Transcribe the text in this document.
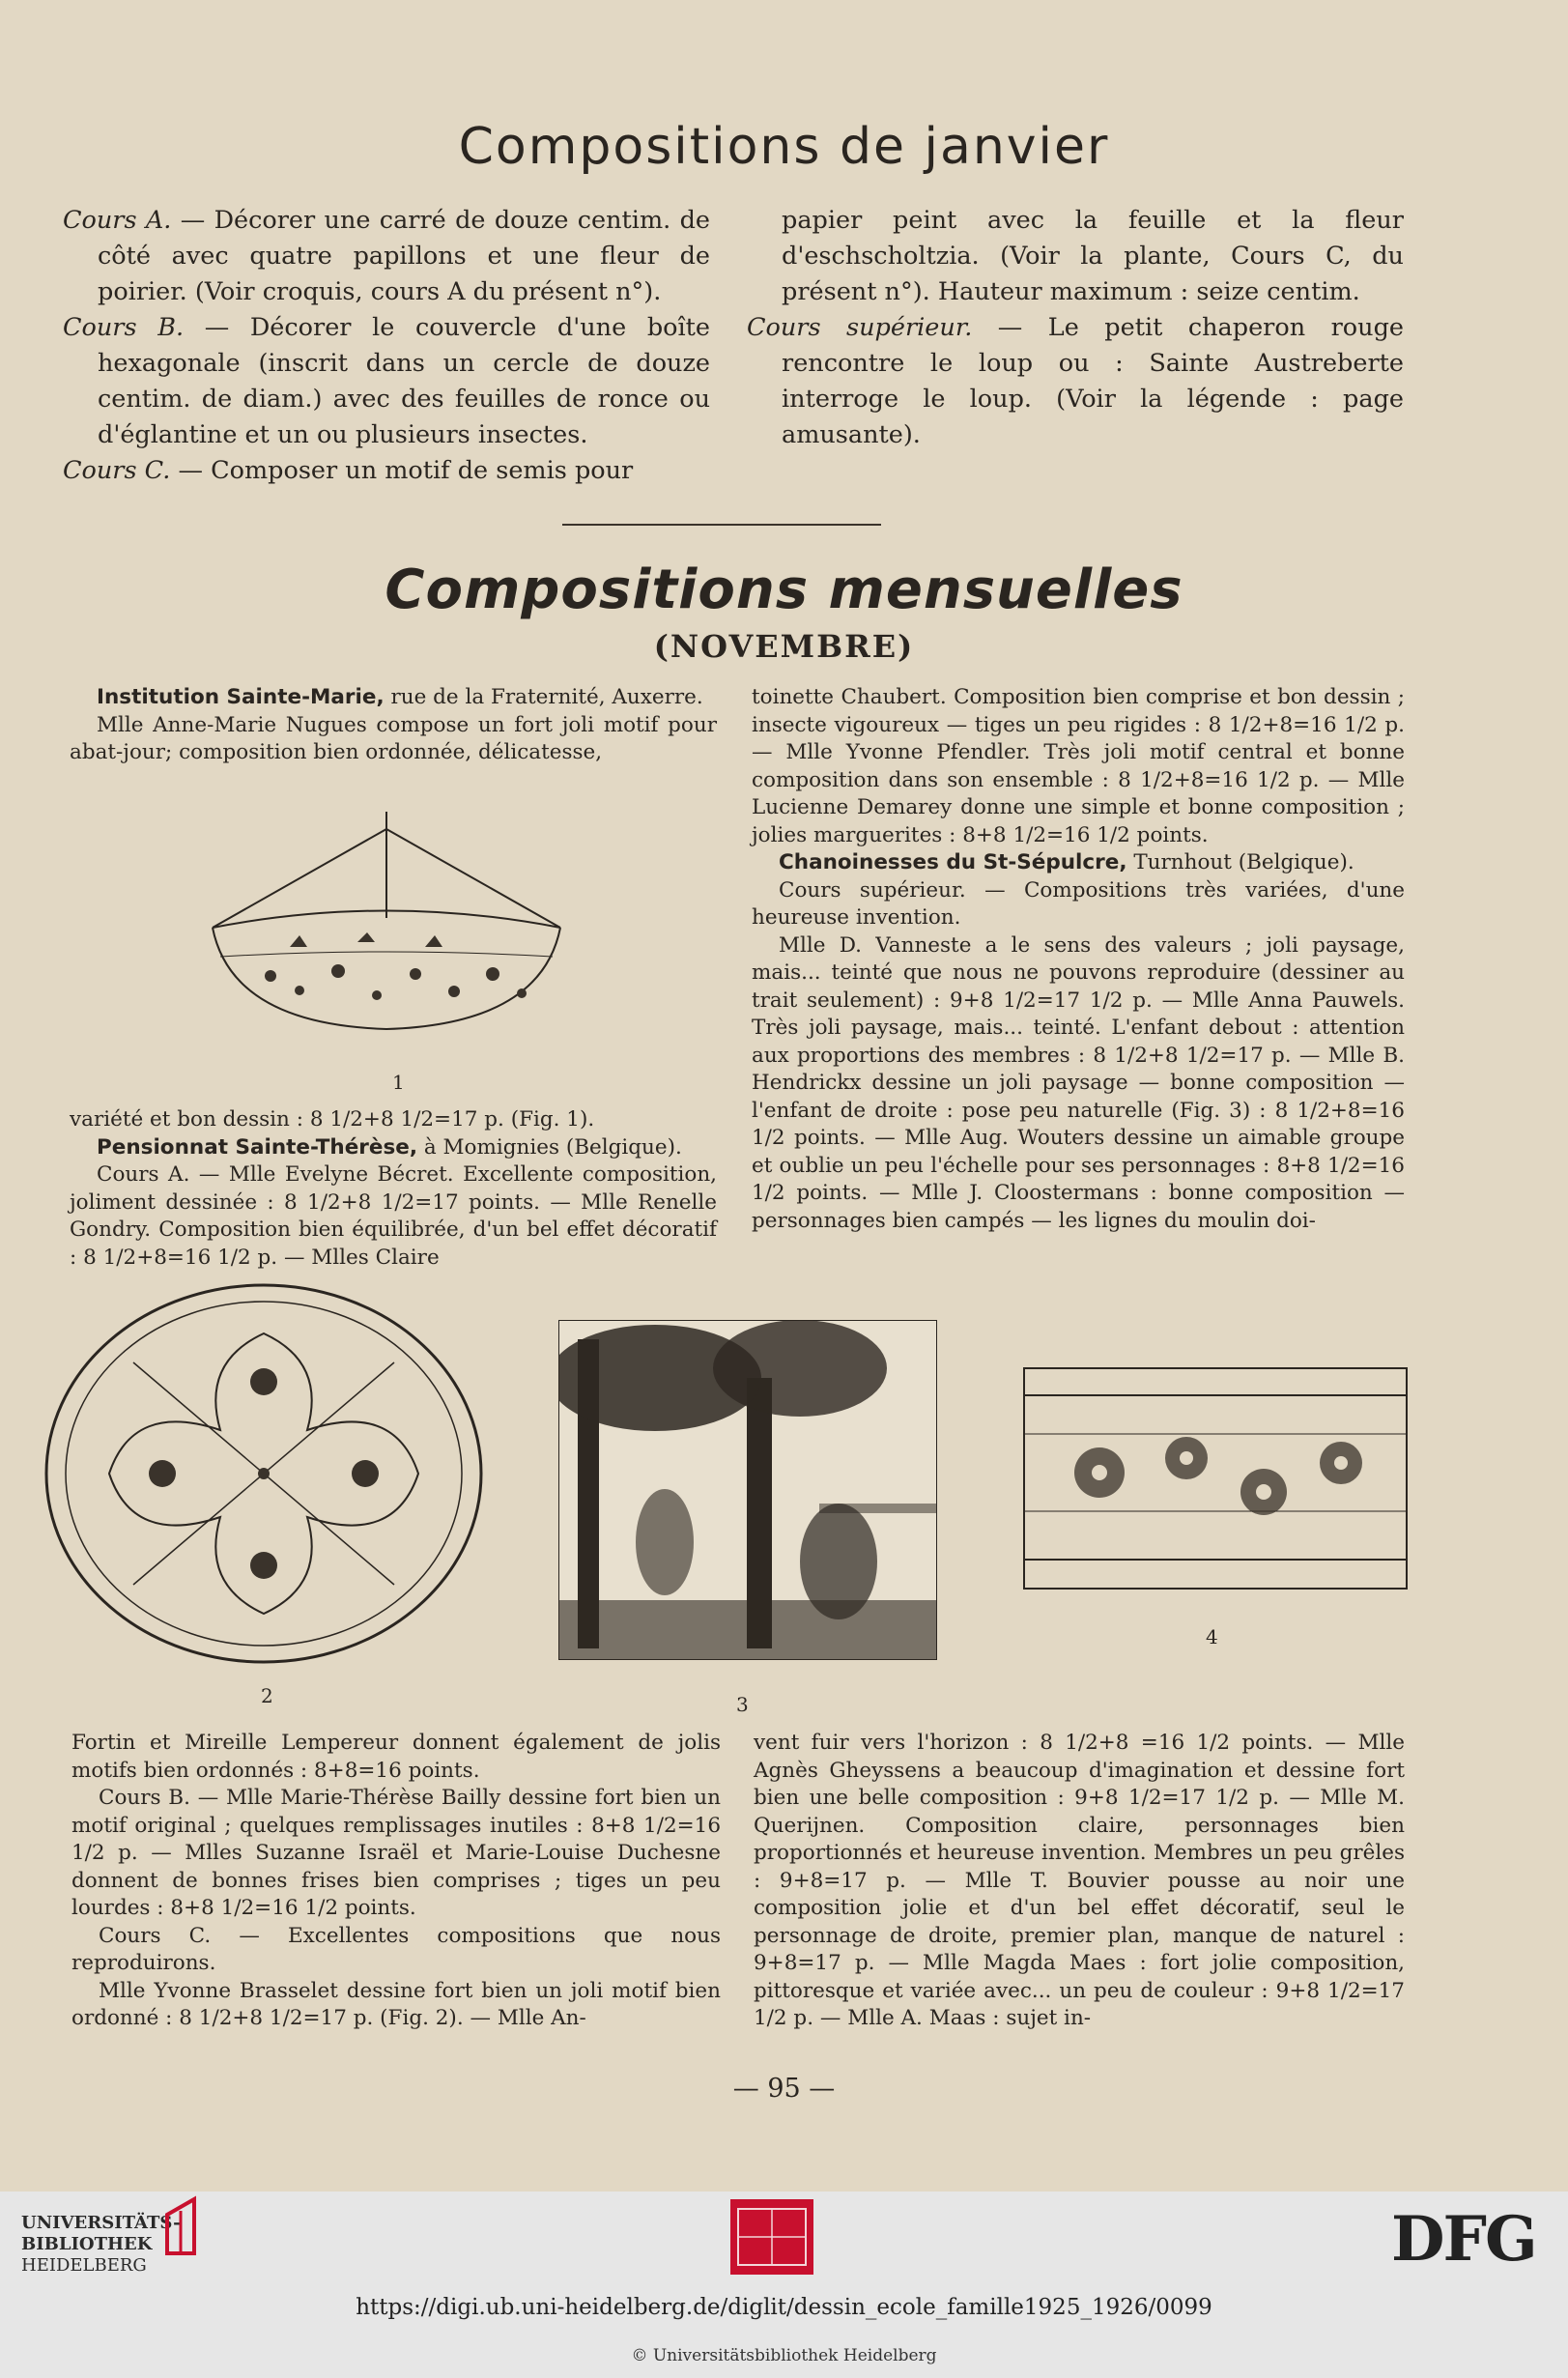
Compositions de janvier

Cours A. — Décorer une carré de douze centim. de côté avec quatre papillons et une fleur de poirier. (Voir croquis, cours A du présent n°).

Cours B. — Décorer le couvercle d'une boîte hexagonale (inscrit dans un cercle de douze centim. de diam.) avec des feuilles de ronce ou d'églantine et un ou plusieurs insectes.

Cours C. — Composer un motif de semis pour

papier peint avec la feuille et la fleur d'eschscholtzia. (Voir la plante, Cours C, du présent n°). Hauteur maximum : seize centim.

Cours supérieur. — Le petit chaperon rouge rencontre le loup ou : Sainte Austreberte interroge le loup. (Voir la légende : page amusante).

Compositions mensuelles
(NOVEMBRE)

Institution Sainte-Marie, rue de la Fraternité, Auxerre.

Mlle Anne-Marie Nugues compose un fort joli motif pour abat-jour; composition bien ordonnée, délicatesse,

1

variété et bon dessin : 8 1/2+8 1/2=17 p. (Fig. 1).

Pensionnat Sainte-Thérèse, à Momignies (Belgique).

Cours A. — Mlle Evelyne Bécret. Excellente composition, joliment dessinée : 8 1/2+8 1/2=17 points. — Mlle Renelle Gondry. Composition bien équilibrée, d'un bel effet décoratif : 8 1/2+8=16 1/2 p. — Mlles Claire

toinette Chaubert. Composition bien comprise et bon dessin ; insecte vigoureux — tiges un peu rigides : 8 1/2+8=16 1/2 p. — Mlle Yvonne Pfendler. Très joli motif central et bonne composition dans son ensemble : 8 1/2+8=16 1/2 p. — Mlle Lucienne Demarey donne une simple et bonne composition ; jolies marguerites : 8+8 1/2=16 1/2 points.

Chanoinesses du St-Sépulcre, Turnhout (Belgique).

Cours supérieur. — Compositions très variées, d'une heureuse invention.

Mlle D. Vanneste a le sens des valeurs ; joli paysage, mais... teinté que nous ne pouvons reproduire (dessiner au trait seulement) : 9+8 1/2=17 1/2 p. — Mlle Anna Pauwels. Très joli paysage, mais... teinté. L'enfant debout : attention aux proportions des membres : 8 1/2+8 1/2=17 p. — Mlle B. Hendrickx dessine un joli paysage — bonne composition — l'enfant de droite : pose peu naturelle (Fig. 3) : 8 1/2+8=16 1/2 points. — Mlle Aug. Wouters dessine un aimable groupe et oublie un peu l'échelle pour ses personnages : 8+8 1/2=16 1/2 points. — Mlle J. Cloostermans : bonne composition — personnages bien campés — les lignes du moulin doi-

2	3
4

Fortin et Mireille Lempereur donnent également de jolis motifs bien ordonnés : 8+8=16 points.

Cours B. — Mlle Marie-Thérèse Bailly dessine fort bien un motif original ; quelques remplissages inutiles : 8+8 1/2=16 1/2 p. — Mlles Suzanne Israël et Marie-Louise Duchesne donnent de bonnes frises bien comprises ; tiges un peu lourdes : 8+8 1/2=16 1/2 points.

Cours C. — Excellentes compositions que nous reproduirons.

Mlle Yvonne Brasselet dessine fort bien un joli motif bien ordonné : 8 1/2+8 1/2=17 p. (Fig. 2). — Mlle An-

vent fuir vers l'horizon : 8 1/2+8 =16 1/2 points. — Mlle Agnès Gheyssens a beaucoup d'imagination et dessine fort bien une belle composition : 9+8 1/2=17 1/2 p. — Mlle M. Querijnen. Composition claire, personnages bien proportionnés et heureuse invention. Membres un peu grêles : 9+8=17 p. — Mlle T. Bouvier pousse au noir une composition jolie et d'un bel effet décoratif, seul le personnage de droite, premier plan, manque de naturel : 9+8=17 p. — Mlle Magda Maes : fort jolie composition, pittoresque et variée avec... un peu de couleur : 9+8 1/2=17 1/2 p. — Mlle A. Maas : sujet in-

— 95 —
UNIVERSITÄTS-
BIBLIOTHEK
HEIDELBERG	DFG
https://digi.ub.uni-heidelberg.de/diglit/dessin_ecole_famille1925_1926/0099
© Universitätsbibliothek Heidelberg
